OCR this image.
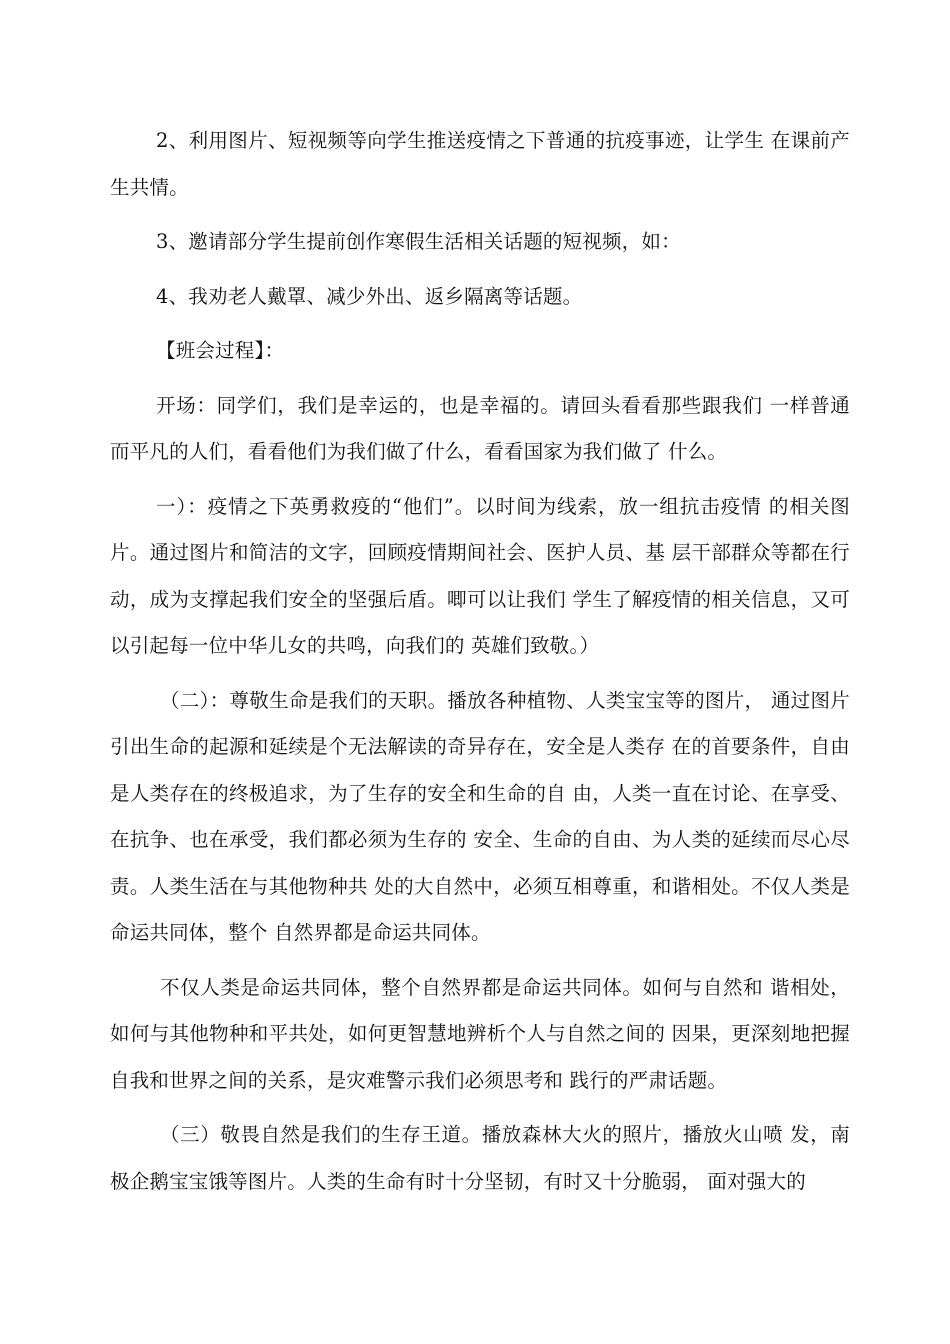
2、利用图片、短视频等向学生推送疫情之下普通的抗疫事迹，让学生 在课前产生共情。

3、邀请部分学生提前创作寒假生活相关话题的短视频，如：

4、我劝老人戴罩、减少外出、返乡隔离等话题。

【班会过程】：

开场：同学们，我们是幸运的，也是幸福的。请回头看看那些跟我们 一样普通而平凡的人们，看看他们为我们做了什么，看看国家为我们做了 什么。

一）：疫情之下英勇救疫的“他们”。以时间为线索，放一组抗击疫情 的相关图片。通过图片和简洁的文字，回顾疫情期间社会、医护人员、基 层干部群众等都在行动，成为支撑起我们安全的坚强后盾。唧可以让我们 学生了解疫情的相关信息，又可以引起每一位中华儿女的共鸣，向我们的 英雄们致敬。）

（二）：尊敬生命是我们的天职。播放各种植物、人类宝宝等的图片， 通过图片引出生命的起源和延续是个无法解读的奇异存在，安全是人类存 在的首要条件，自由是人类存在的终极追求，为了生存的安全和生命的自 由，人类一直在讨论、在享受、在抗争、也在承受，我们都必须为生存的 安全、生命的自由、为人类的延续而尽心尽责。人类生活在与其他物种共 处的大自然中，必须互相尊重，和谐相处。不仅人类是命运共同体，整个 自然界都是命运共同体。

不仅人类是命运共同体，整个自然界都是命运共同体。如何与自然和 谐相处，如何与其他物种和平共处，如何更智慧地辨析个人与自然之间的 因果，更深刻地把握自我和世界之间的关系，是灾难警示我们必须思考和 践行的严肃话题。

（三）敬畏自然是我们的生存王道。播放森林大火的照片，播放火山喷 发，南极企鹅宝宝饿等图片。人类的生命有时十分坚韧，有时又十分脆弱， 面对强大的
